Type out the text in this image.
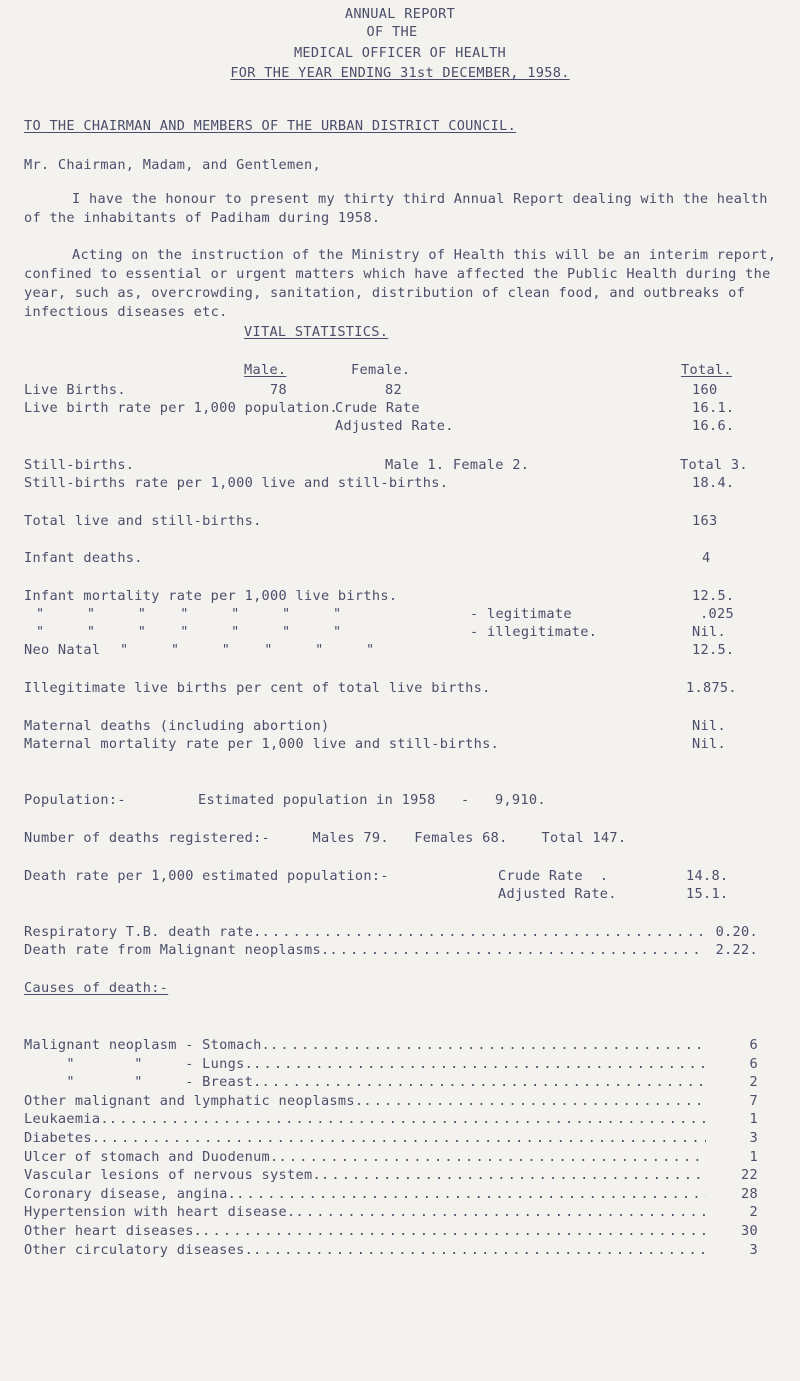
ANNUAL REPORT
OF THE
MEDICAL OFFICER OF HEALTH
FOR THE YEAR ENDING 31st DECEMBER, 1958.
TO THE CHAIRMAN AND MEMBERS OF THE URBAN DISTRICT COUNCIL.
Mr. Chairman, Madam, and Gentlemen,
I have the honour to present my thirty third Annual Report dealing with the health of the inhabitants of Padiham during 1958.
Acting on the instruction of the Ministry of Health this will be an interim report, confined to essential or urgent matters which have affected the Public Health during the year, such as, overcrowding, sanitation, distribution of clean food, and outbreaks of infectious diseases etc.
VITAL STATISTICS.
Male.	Female.	Total.
Live Births.	78	82	160
Live birth rate per 1,000 population.
Crude Rate	16.1.
Adjusted Rate.	16.6.
Still-births.	Male 1. Female 2.	Total 3.
Still-births rate per 1,000 live and still-births.	18.4.
Total live and still-births.	163
Infant deaths.	4
Infant mortality rate per 1,000 live births.	12.5.
"     "     "    "     "     "     "	- legitimate	.025
"     "     "    "     "     "     "	- illegitimate.	Nil.
Neo Natal "     "     "    "     "     "	12.5.
Illegitimate live births per cent of total live births.	1.875.
Maternal deaths (including abortion)	Nil.
Maternal mortality rate per 1,000 live and still-births.	Nil.
Population:-	Estimated population in 1958   -   9,910.
Number of deaths registered:-     Males 79.   Females 68.    Total 147.
Death rate per 1,000 estimated population:-	Crude Rate  .	14.8.
Adjusted Rate.	15.1.
Respiratory T.B. death rate. . . .	0.20.
Death rate from Malignant neoplasms. . . .	2.22.
Causes of death:-
Malignant neoplasm - Stomach. . . .	6
"       "     - Lungs. . . .	6
"       "     - Breast. . . .	2
Other malignant and lymphatic neoplasms. . . .	7
Leukaemia. . . .	1
Diabetes. . . .	3
Ulcer of stomach and Duodenum. . . .	1
Vascular lesions of nervous system. . . .	22
Coronary disease, angina. . . .	28
Hypertension with heart disease. . . .	2
Other heart diseases. . . .	30
Other circulatory diseases. . . .	3
